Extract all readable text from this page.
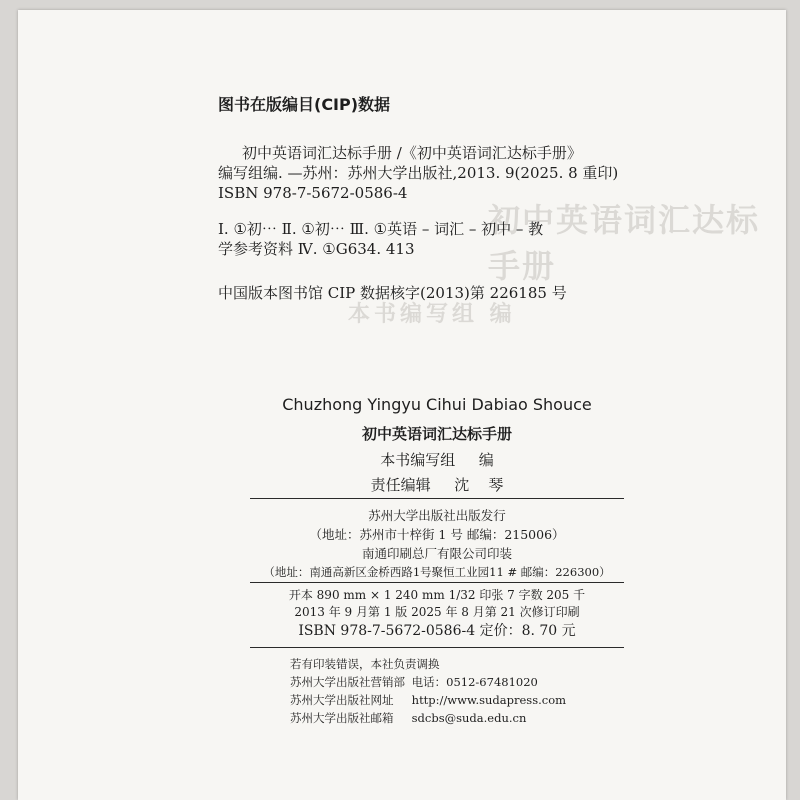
初中英语词汇达标手册
本书编写组 编
图书在版编目(CIP)数据
初中英语词汇达标手册 /《初中英语词汇达标手册》
编写组编. —苏州：苏州大学出版社,2013. 9(2025. 8 重印)
ISBN 978-7-5672-0586-4
Ⅰ. ①初⋯ Ⅱ. ①初⋯ Ⅲ. ①英语 – 词汇 – 初中 – 教
学参考资料 Ⅳ. ①G634. 413
中国版本图书馆 CIP 数据核字(2013)第 226185 号
Chuzhong Yingyu Cihui Dabiao Shouce
初中英语词汇达标手册
本书编写组 编
责任编辑 沈    琴
苏州大学出版社出版发行
（地址：苏州市十梓街 1 号 邮编：215006）
南通印刷总厂有限公司印装
（地址：南通高新区金桥西路1号聚恒工业园11 # 邮编：226300）
开本 890 mm × 1 240 mm 1/32 印张 7 字数 205 千
2013 年 9 月第 1 版 2025 年 8 月第 21 次修订印刷
ISBN 978-7-5672-0586-4 定价：8. 70 元
若有印装错误，本社负责调换
苏州大学出版社营销部 电话：0512-67481020
苏州大学出版社网址 http://www.sudapress.com
苏州大学出版社邮箱 sdcbs@suda.edu.cn
